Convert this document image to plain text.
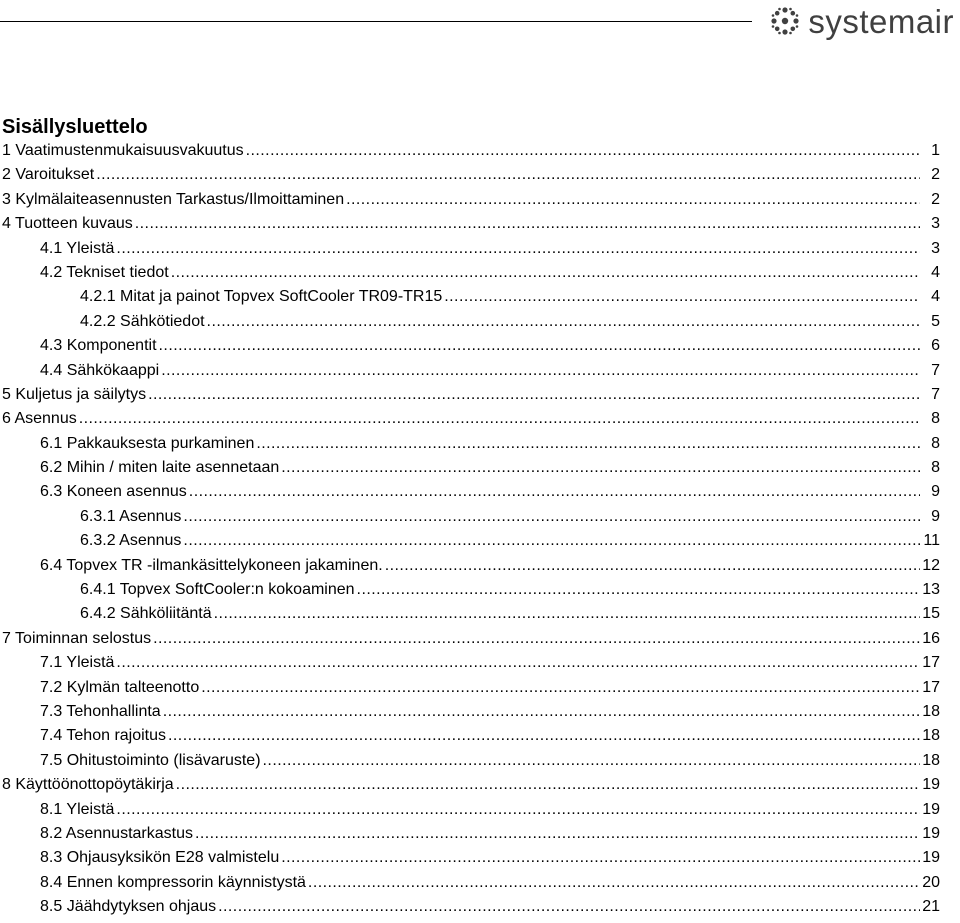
systemair
Sisällysluettelo
1 Vaatimustenmukaisuusvakuutus . . .	1
2 Varoitukset . . .	2
3 Kylmälaiteasennusten Tarkastus/Ilmoittaminen . . .	2
4 Tuotteen kuvaus . . .	3
4.1 Yleistä . . .	3
4.2 Tekniset tiedot . . .	4
4.2.1 Mitat ja painot Topvex SoftCooler TR09-TR15 . . .	4
4.2.2 Sähkötiedot . . .	5
4.3 Komponentit . . .	6
4.4 Sähkökaappi . . .	7
5 Kuljetus ja säilytys . . .	7
6 Asennus . . .	8
6.1 Pakkauksesta purkaminen . . .	8
6.2 Mihin / miten laite asennetaan . . .	8
6.3 Koneen asennus . . .	9
6.3.1 Asennus . . .	9
6.3.2 Asennus . . .	11
6.4 Topvex TR -ilmankäsittelykoneen jakaminen. . . .	12
6.4.1 Topvex SoftCooler:n kokoaminen . . .	13
6.4.2 Sähköliitäntä . . .	15
7 Toiminnan selostus . . .	16
7.1 Yleistä . . .	17
7.2 Kylmän talteenotto . . .	17
7.3 Tehonhallinta . . .	18
7.4 Tehon rajoitus . . .	18
7.5 Ohitustoiminto (lisävaruste) . . .	18
8 Käyttöönottopöytäkirja . . .	19
8.1 Yleistä . . .	19
8.2 Asennustarkastus . . .	19
8.3 Ohjausyksikön E28 valmistelu . . .	19
8.4 Ennen kompressorin käynnistystä . . .	20
8.5 Jäähdytyksen ohjaus . . .	21
